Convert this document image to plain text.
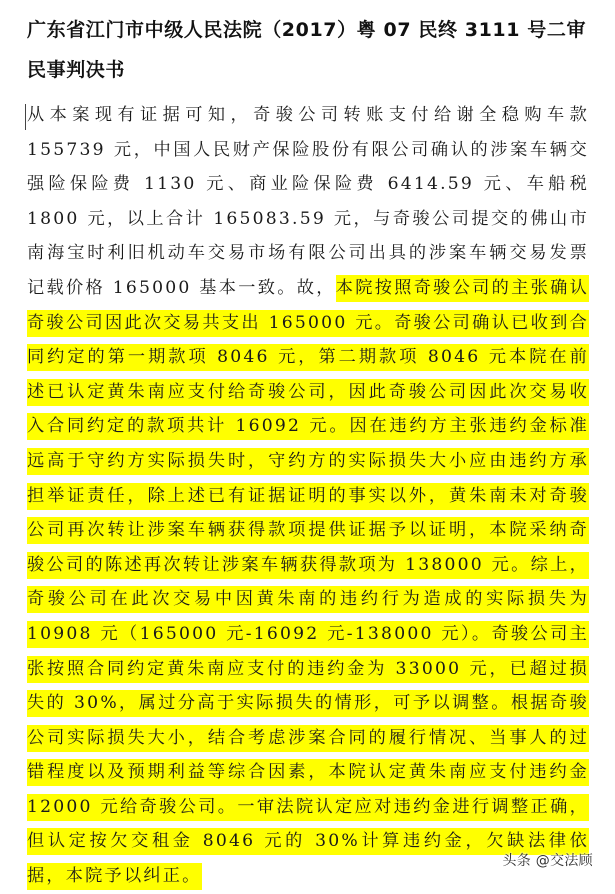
广东省江门市中级人民法院（2017）粤 07 民终 3111 号二审民事判决书

从本案现有证据可知，奇骏公司转账支付给谢全稳购车款 155739 元，中国人民财产保险股份有限公司确认的涉案车辆交强险保险费 1130 元、商业险保险费 6414.59 元、车船税 1800 元，以上合计 165083.59 元，与奇骏公司提交的佛山市南海宝时利旧机动车交易市场有限公司出具的涉案车辆交易发票记载价格 165000 基本一致。故，本院按照奇骏公司的主张确认奇骏公司因此次交易共支出 165000 元。奇骏公司确认已收到合同约定的第一期款项 8046 元，第二期款项 8046 元本院在前述已认定黄朱南应支付给奇骏公司，因此奇骏公司因此次交易收入合同约定的款项共计 16092 元。因在违约方主张违约金标准远高于守约方实际损失时，守约方的实际损失大小应由违约方承担举证责任，除上述已有证据证明的事实以外，黄朱南未对奇骏公司再次转让涉案车辆获得款项提供证据予以证明，本院采纳奇骏公司的陈述再次转让涉案车辆获得款项为 138000 元。综上，奇骏公司在此次交易中因黄朱南的违约行为造成的实际损失为 10908 元（165000 元-16092 元-138000 元）。奇骏公司主张按照合同约定黄朱南应支付的违约金为 33000 元，已超过损失的 30%，属过分高于实际损失的情形，可予以调整。根据奇骏公司实际损失大小，结合考虑涉案合同的履行情况、当事人的过错程度以及预期利益等综合因素，本院认定黄朱南应支付违约金 12000 元给奇骏公司。一审法院认定应对违约金进行调整正确，但认定按欠交租金 8046 元的 30%计算违约金，欠缺法律依据，本院予以纠正。

头条 @交法顾
